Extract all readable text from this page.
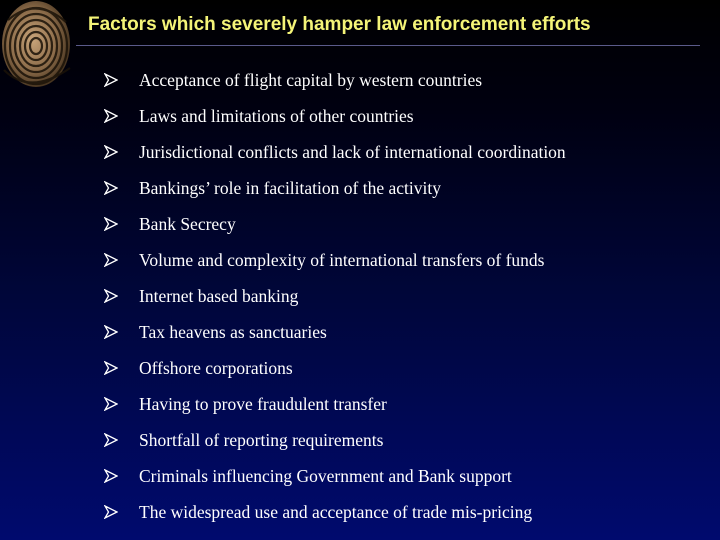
Factors which severely hamper law enforcement efforts
Acceptance of flight capital by western countries
Laws and limitations of other countries
Jurisdictional conflicts and lack of international coordination
Bankings’ role in facilitation of the activity
Bank Secrecy
Volume and complexity of international transfers of funds
Internet based banking
Tax heavens as sanctuaries
Offshore corporations
Having to prove fraudulent transfer
Shortfall of reporting requirements
Criminals influencing Government and Bank support
The widespread use and acceptance of trade mis-pricing
